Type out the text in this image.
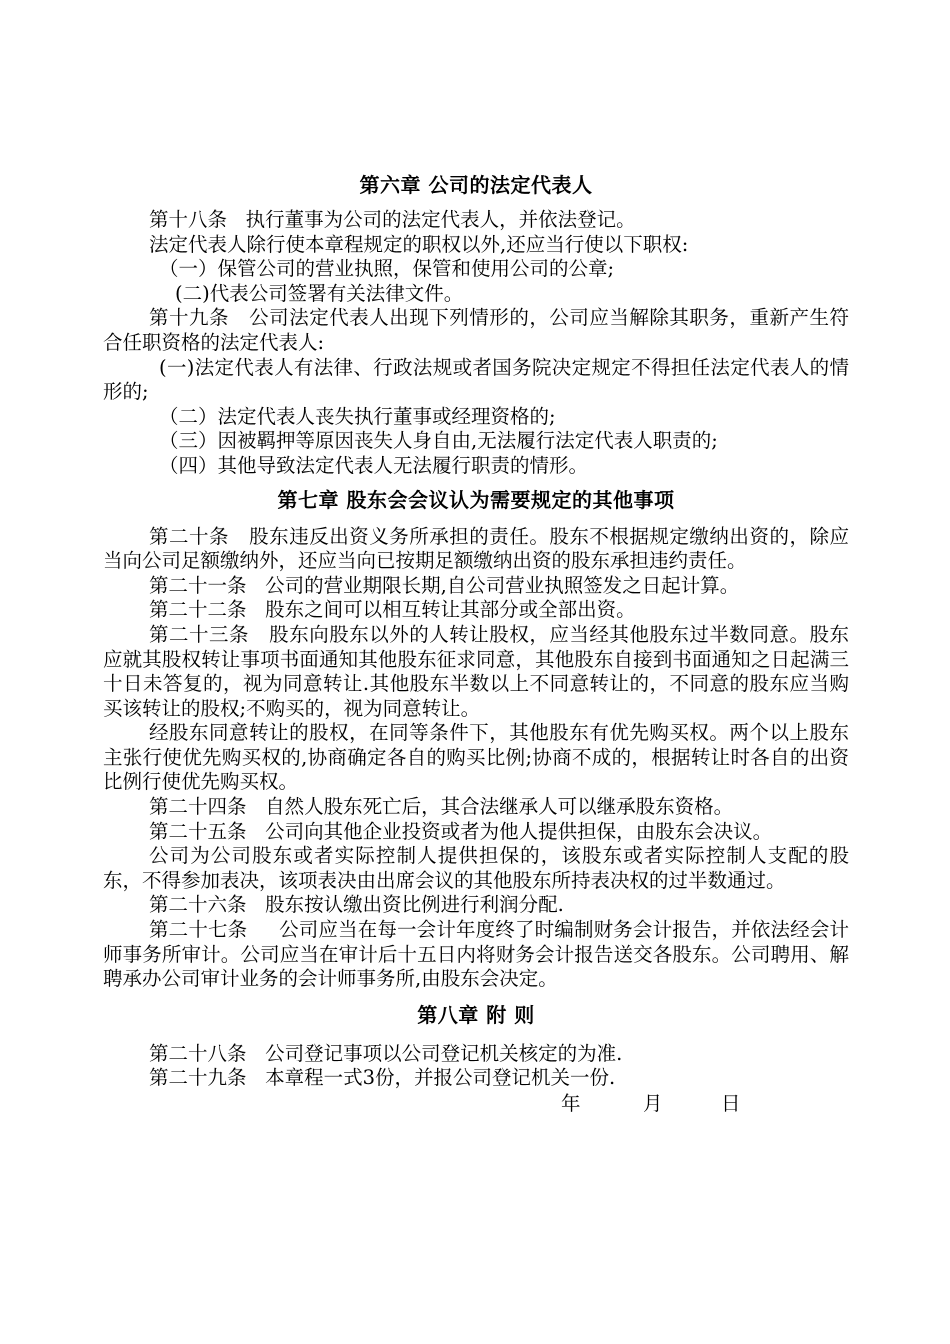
第六章 公司的法定代表人

第十八条   执行董事为公司的法定代表人，并依法登记。

法定代表人除行使本章程规定的职权以外,还应当行使以下职权:

（一）保管公司的营业执照，保管和使用公司的公章;

(二)代表公司签署有关法律文件。

第十九条   公司法定代表人出现下列情形的，公司应当解除其职务，重新产生符合任职资格的法定代表人:

(一)法定代表人有法律、行政法规或者国务院决定规定不得担任法定代表人的情形的;

（二）法定代表人丧失执行董事或经理资格的;

（三）因被羁押等原因丧失人身自由,无法履行法定代表人职责的;

（四）其他导致法定代表人无法履行职责的情形。

第七章 股东会会议认为需要规定的其他事项

第二十条   股东违反出资义务所承担的责任。股东不根据规定缴纳出资的，除应当向公司足额缴纳外，还应当向已按期足额缴纳出资的股东承担违约责任。

第二十一条   公司的营业期限长期,自公司营业执照签发之日起计算。

第二十二条   股东之间可以相互转让其部分或全部出资。

第二十三条   股东向股东以外的人转让股权，应当经其他股东过半数同意。股东应就其股权转让事项书面通知其他股东征求同意，其他股东自接到书面通知之日起满三十日未答复的，视为同意转让.其他股东半数以上不同意转让的，不同意的股东应当购买该转让的股权;不购买的，视为同意转让。

经股东同意转让的股权，在同等条件下，其他股东有优先购买权。两个以上股东主张行使优先购买权的,协商确定各自的购买比例;协商不成的，根据转让时各自的出资比例行使优先购买权。

第二十四条   自然人股东死亡后，其合法继承人可以继承股东资格。

第二十五条   公司向其他企业投资或者为他人提供担保，由股东会决议。

公司为公司股东或者实际控制人提供担保的，该股东或者实际控制人支配的股东，不得参加表决，该项表决由出席会议的其他股东所持表决权的过半数通过。

第二十六条   股东按认缴出资比例进行利润分配.

第二十七条     公司应当在每一会计年度终了时编制财务会计报告，并依法经会计师事务所审计。公司应当在审计后十五日内将财务会计报告送交各股东。公司聘用、解聘承办公司审计业务的会计师事务所,由股东会决定。

第八章 附 则

第二十八条   公司登记事项以公司登记机关核定的为准.

第二十九条   本章程一式3份，并报公司登记机关一份.

年	月	日
